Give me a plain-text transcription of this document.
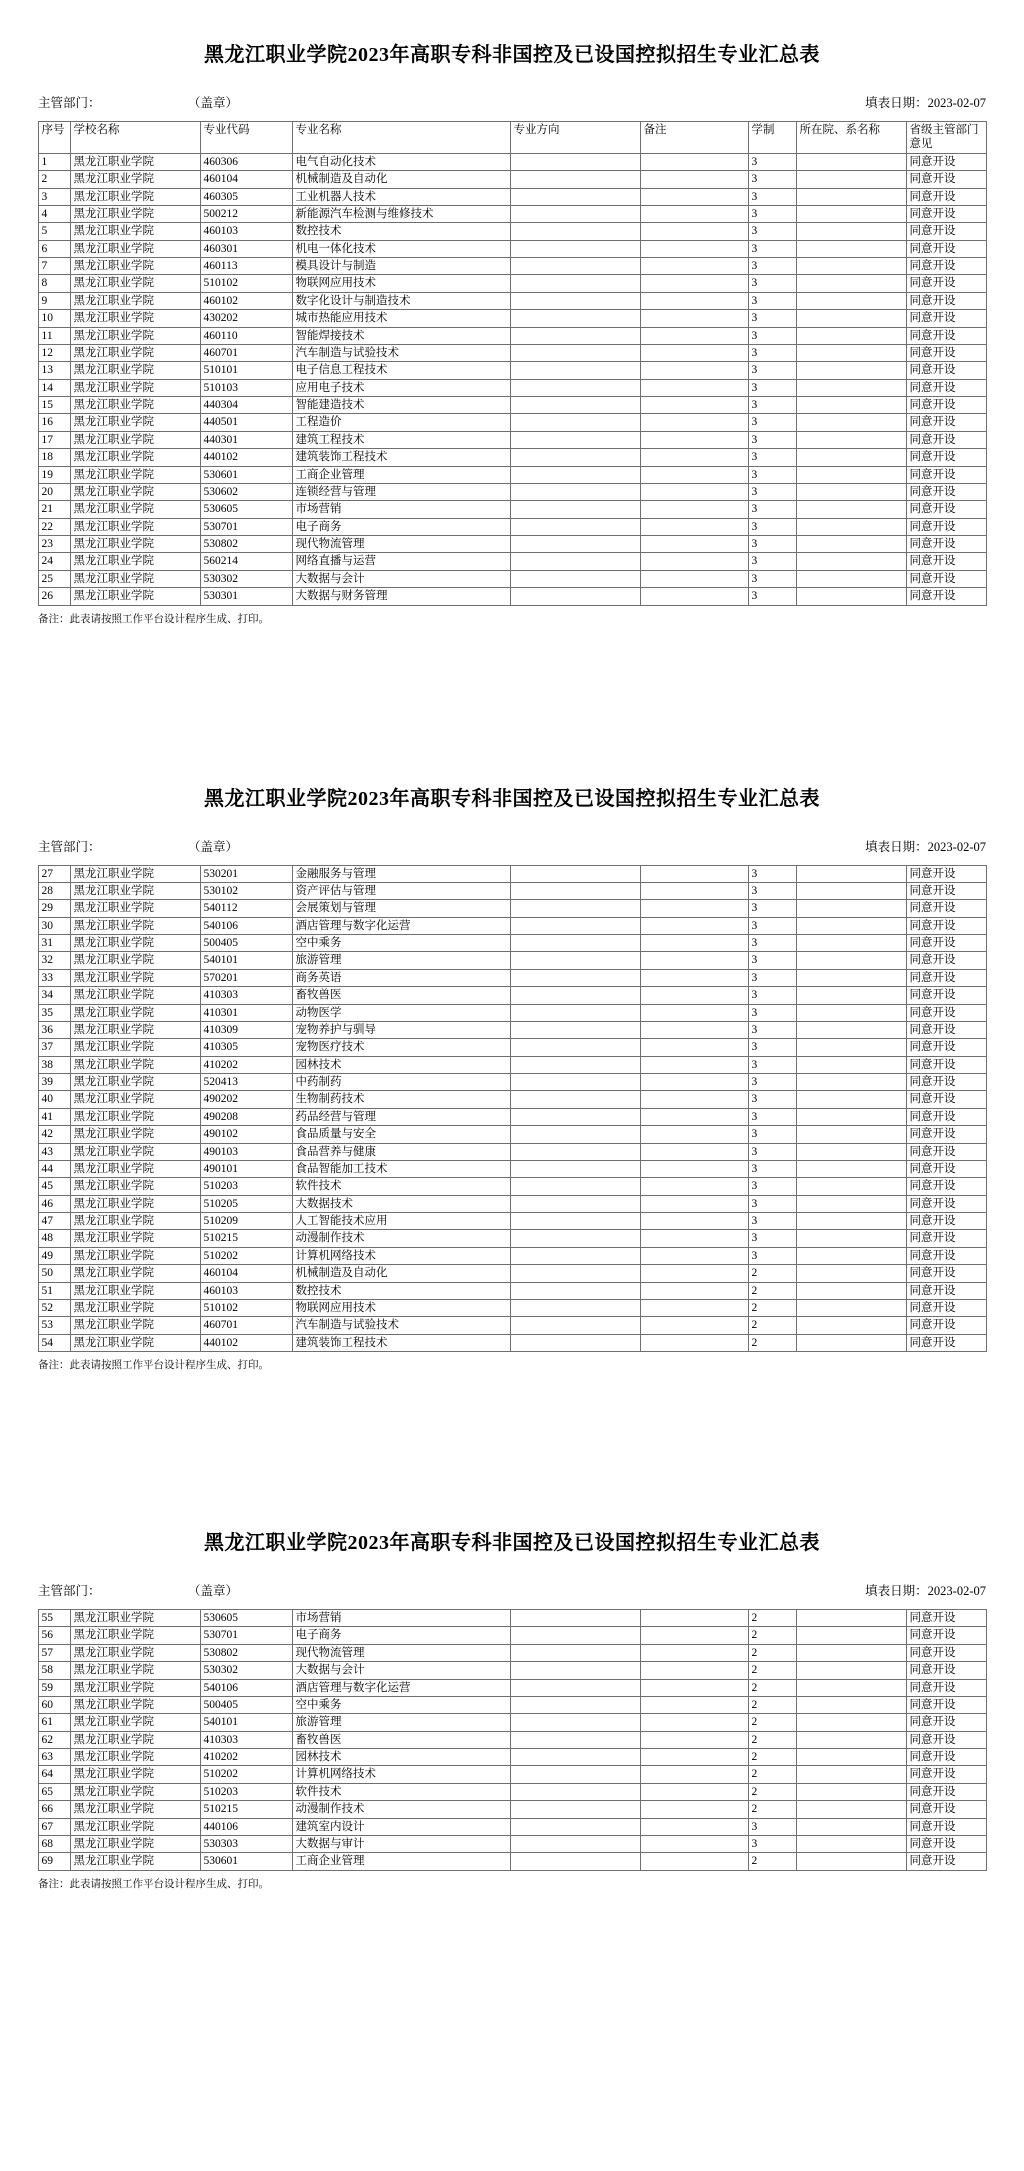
黑龙江职业学院2023年高职专科非国控及已设国控拟招生专业汇总表
主管部门：	（盖章）	填表日期：2023-02-07
序号	学校名称	专业代码	专业名称	专业方向	备注	学制	所在院、系名称	省级主管部门意见
1	黑龙江职业学院	460306	电气自动化技术			3		同意开设
2	黑龙江职业学院	460104	机械制造及自动化			3		同意开设
3	黑龙江职业学院	460305	工业机器人技术			3		同意开设
4	黑龙江职业学院	500212	新能源汽车检测与维修技术			3		同意开设
5	黑龙江职业学院	460103	数控技术			3		同意开设
6	黑龙江职业学院	460301	机电一体化技术			3		同意开设
7	黑龙江职业学院	460113	模具设计与制造			3		同意开设
8	黑龙江职业学院	510102	物联网应用技术			3		同意开设
9	黑龙江职业学院	460102	数字化设计与制造技术			3		同意开设
10	黑龙江职业学院	430202	城市热能应用技术			3		同意开设
11	黑龙江职业学院	460110	智能焊接技术			3		同意开设
12	黑龙江职业学院	460701	汽车制造与试验技术			3		同意开设
13	黑龙江职业学院	510101	电子信息工程技术			3		同意开设
14	黑龙江职业学院	510103	应用电子技术			3		同意开设
15	黑龙江职业学院	440304	智能建造技术			3		同意开设
16	黑龙江职业学院	440501	工程造价			3		同意开设
17	黑龙江职业学院	440301	建筑工程技术			3		同意开设
18	黑龙江职业学院	440102	建筑装饰工程技术			3		同意开设
19	黑龙江职业学院	530601	工商企业管理			3		同意开设
20	黑龙江职业学院	530602	连锁经营与管理			3		同意开设
21	黑龙江职业学院	530605	市场营销			3		同意开设
22	黑龙江职业学院	530701	电子商务			3		同意开设
23	黑龙江职业学院	530802	现代物流管理			3		同意开设
24	黑龙江职业学院	560214	网络直播与运营			3		同意开设
25	黑龙江职业学院	530302	大数据与会计			3		同意开设
26	黑龙江职业学院	530301	大数据与财务管理			3		同意开设
备注：此表请按照工作平台设计程序生成、打印。
黑龙江职业学院2023年高职专科非国控及已设国控拟招生专业汇总表
主管部门：	（盖章）	填表日期：2023-02-07
27	黑龙江职业学院	530201	金融服务与管理			3		同意开设
28	黑龙江职业学院	530102	资产评估与管理			3		同意开设
29	黑龙江职业学院	540112	会展策划与管理			3		同意开设
30	黑龙江职业学院	540106	酒店管理与数字化运营			3		同意开设
31	黑龙江职业学院	500405	空中乘务			3		同意开设
32	黑龙江职业学院	540101	旅游管理			3		同意开设
33	黑龙江职业学院	570201	商务英语			3		同意开设
34	黑龙江职业学院	410303	畜牧兽医			3		同意开设
35	黑龙江职业学院	410301	动物医学			3		同意开设
36	黑龙江职业学院	410309	宠物养护与驯导			3		同意开设
37	黑龙江职业学院	410305	宠物医疗技术			3		同意开设
38	黑龙江职业学院	410202	园林技术			3		同意开设
39	黑龙江职业学院	520413	中药制药			3		同意开设
40	黑龙江职业学院	490202	生物制药技术			3		同意开设
41	黑龙江职业学院	490208	药品经营与管理			3		同意开设
42	黑龙江职业学院	490102	食品质量与安全			3		同意开设
43	黑龙江职业学院	490103	食品营养与健康			3		同意开设
44	黑龙江职业学院	490101	食品智能加工技术			3		同意开设
45	黑龙江职业学院	510203	软件技术			3		同意开设
46	黑龙江职业学院	510205	大数据技术			3		同意开设
47	黑龙江职业学院	510209	人工智能技术应用			3		同意开设
48	黑龙江职业学院	510215	动漫制作技术			3		同意开设
49	黑龙江职业学院	510202	计算机网络技术			3		同意开设
50	黑龙江职业学院	460104	机械制造及自动化			2		同意开设
51	黑龙江职业学院	460103	数控技术			2		同意开设
52	黑龙江职业学院	510102	物联网应用技术			2		同意开设
53	黑龙江职业学院	460701	汽车制造与试验技术			2		同意开设
54	黑龙江职业学院	440102	建筑装饰工程技术			2		同意开设
备注：此表请按照工作平台设计程序生成、打印。
黑龙江职业学院2023年高职专科非国控及已设国控拟招生专业汇总表
主管部门：	（盖章）	填表日期：2023-02-07
55	黑龙江职业学院	530605	市场营销			2		同意开设
56	黑龙江职业学院	530701	电子商务			2		同意开设
57	黑龙江职业学院	530802	现代物流管理			2		同意开设
58	黑龙江职业学院	530302	大数据与会计			2		同意开设
59	黑龙江职业学院	540106	酒店管理与数字化运营			2		同意开设
60	黑龙江职业学院	500405	空中乘务			2		同意开设
61	黑龙江职业学院	540101	旅游管理			2		同意开设
62	黑龙江职业学院	410303	畜牧兽医			2		同意开设
63	黑龙江职业学院	410202	园林技术			2		同意开设
64	黑龙江职业学院	510202	计算机网络技术			2		同意开设
65	黑龙江职业学院	510203	软件技术			2		同意开设
66	黑龙江职业学院	510215	动漫制作技术			2		同意开设
67	黑龙江职业学院	440106	建筑室内设计			3		同意开设
68	黑龙江职业学院	530303	大数据与审计			3		同意开设
69	黑龙江职业学院	530601	工商企业管理			2		同意开设
备注：此表请按照工作平台设计程序生成、打印。
